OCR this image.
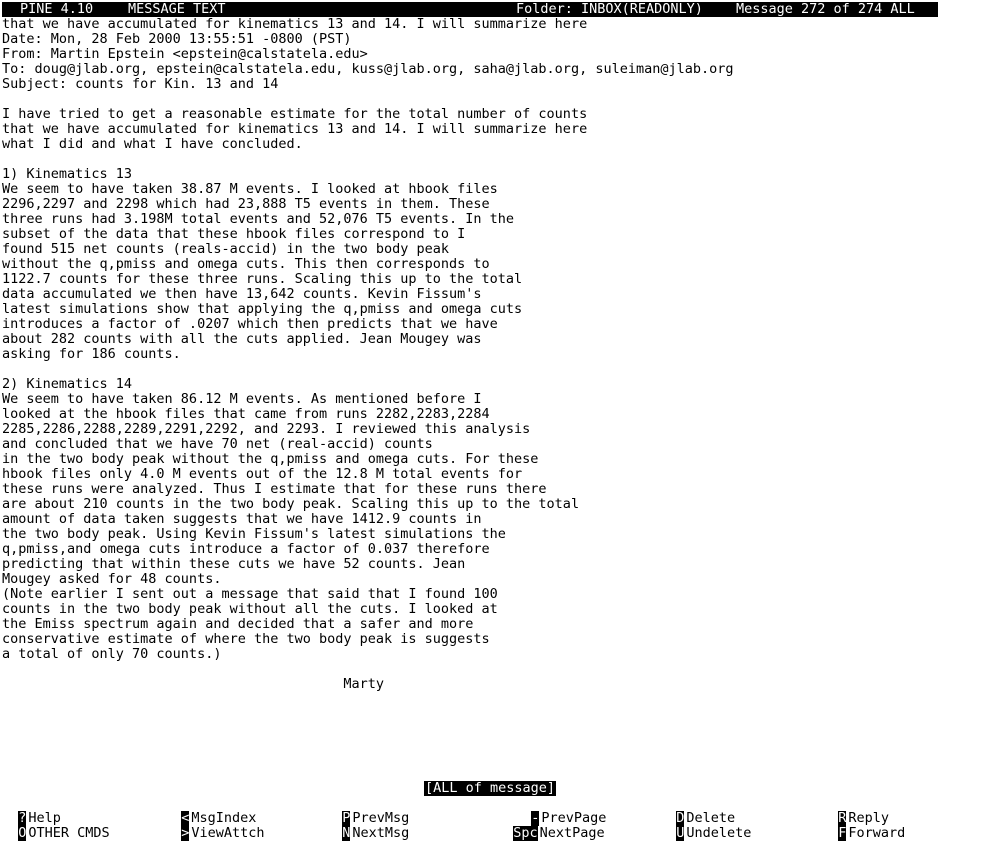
PINE 4.10

	MESSAGE TEXT

	Folder: INBOX(READONLY)

Message 272 of 274 ALL

that we have accumulated for kinematics 13 and 14. I will summarize here
Date: Mon, 28 Feb 2000 13:55:51 -0800 (PST)
From: Martin Epstein <epstein@calstatela.edu>
To: doug@jlab.org, epstein@calstatela.edu, kuss@jlab.org, saha@jlab.org, suleiman@jlab.org
Subject: counts for Kin. 13 and 14
I have tried to get a reasonable estimate for the total number of counts
that we have accumulated for kinematics 13 and 14. I will summarize here
what I did and what I have concluded.
1) Kinematics 13
We seem to have taken 38.87 M events. I looked at hbook files
2296,2297 and 2298 which had 23,888 T5 events in them. These
three runs had 3.198M total events and 52,076 T5 events. In the
subset of the data that these hbook files correspond to I
found 515 net counts (reals-accid) in the two body peak
without the q,pmiss and omega cuts. This then corresponds to
1122.7 counts for these three runs. Scaling this up to the total
data accumulated we then have 13,642 counts. Kevin Fissum's
latest simulations show that applying the q,pmiss and omega cuts
introduces a factor of .0207 which then predicts that we have
about 282 counts with all the cuts applied. Jean Mougey was
asking for 186 counts.
2) Kinematics 14
We seem to have taken 86.12 M events. As mentioned before I
looked at the hbook files that came from runs 2282,2283,2284
2285,2286,2288,2289,2291,2292, and 2293. I reviewed this analysis
and concluded that we have 70 net (real-accid) counts
in the two body peak without the q,pmiss and omega cuts. For these
hbook files only 4.0 M events out of the 12.8 M total events for
these runs were analyzed. Thus I estimate that for these runs there
are about 210 counts in the two body peak. Scaling this up to the total
amount of data taken suggests that we have 1412.9 counts in
the two body peak. Using Kevin Fissum's latest simulations the
q,pmiss,and omega cuts introduce a factor of 0.037 therefore
predicting that within these cuts we have 52 counts. Jean
Mougey asked for 48 counts.
(Note earlier I sent out a message that said that I found 100
counts in the two body peak without all the cuts. I looked at
the Emiss spectrum again and decided that a safer and more
conservative estimate of where the two body peak is suggests
a total of only 70 counts.)
Marty
[ALL of message]

? Help

O OTHER CMDS

< MsgIndex

> ViewAttch

P PrevMsg

N NextMsg

- PrevPage

Spc NextPage

D Delete

U Undelete

R Reply

F Forward
